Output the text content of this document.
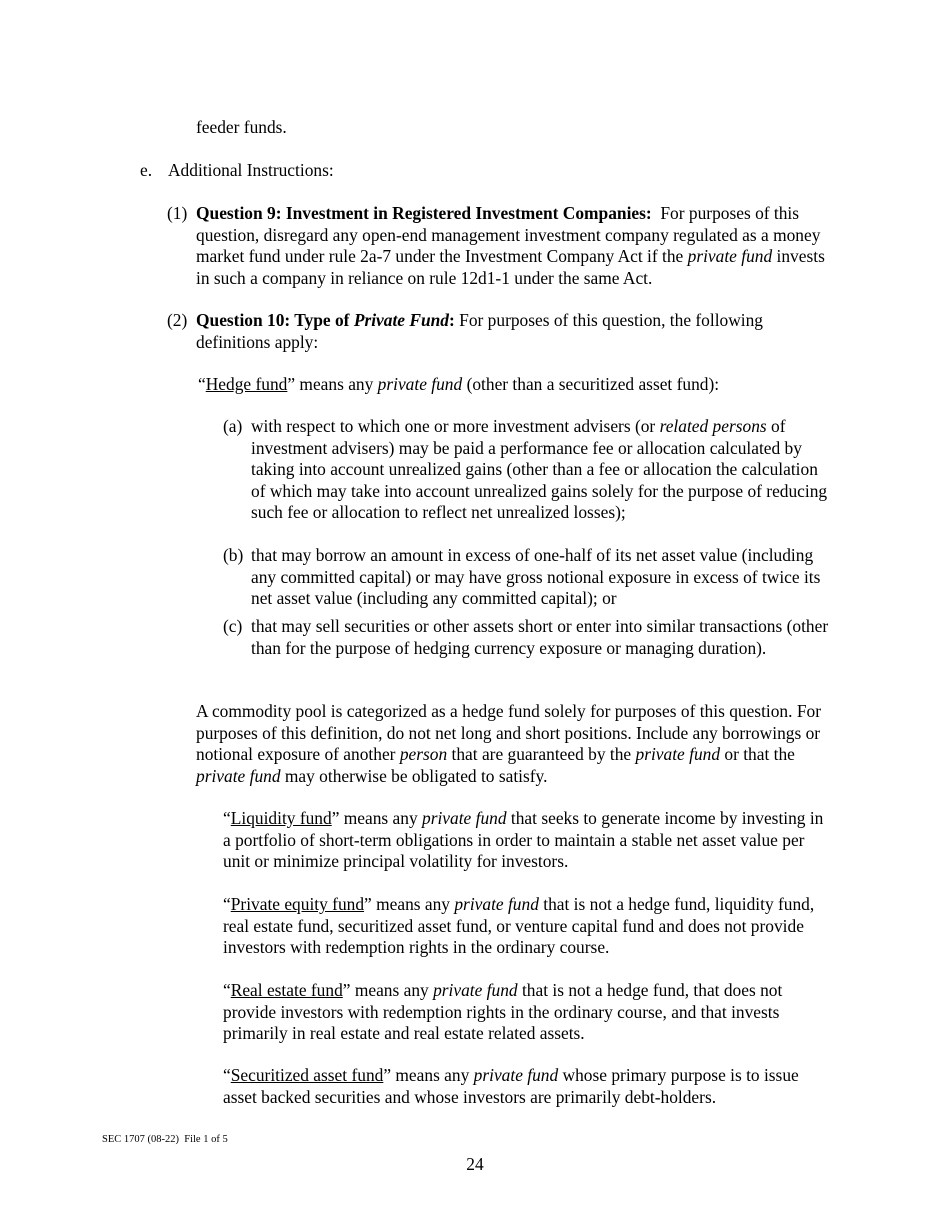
feeder funds.
e. Additional Instructions:
(1) Question 9: Investment in Registered Investment Companies: For purposes of this question, disregard any open-end management investment company regulated as a money market fund under rule 2a-7 under the Investment Company Act if the private fund invests in such a company in reliance on rule 12d1-1 under the same Act.
(2) Question 10: Type of Private Fund: For purposes of this question, the following definitions apply:
“Hedge fund” means any private fund (other than a securitized asset fund):
(a) with respect to which one or more investment advisers (or related persons of investment advisers) may be paid a performance fee or allocation calculated by taking into account unrealized gains (other than a fee or allocation the calculation of which may take into account unrealized gains solely for the purpose of reducing such fee or allocation to reflect net unrealized losses);
(b) that may borrow an amount in excess of one-half of its net asset value (including any committed capital) or may have gross notional exposure in excess of twice its net asset value (including any committed capital); or
(c) that may sell securities or other assets short or enter into similar transactions (other than for the purpose of hedging currency exposure or managing duration).
A commodity pool is categorized as a hedge fund solely for purposes of this question. For purposes of this definition, do not net long and short positions. Include any borrowings or notional exposure of another person that are guaranteed by the private fund or that the private fund may otherwise be obligated to satisfy.
“Liquidity fund” means any private fund that seeks to generate income by investing in a portfolio of short-term obligations in order to maintain a stable net asset value per unit or minimize principal volatility for investors.
“Private equity fund” means any private fund that is not a hedge fund, liquidity fund, real estate fund, securitized asset fund, or venture capital fund and does not provide investors with redemption rights in the ordinary course.
“Real estate fund” means any private fund that is not a hedge fund, that does not provide investors with redemption rights in the ordinary course, and that invests primarily in real estate and real estate related assets.
“Securitized asset fund” means any private fund whose primary purpose is to issue asset backed securities and whose investors are primarily debt-holders.
SEC 1707 (08-22)  File 1 of 5
24
